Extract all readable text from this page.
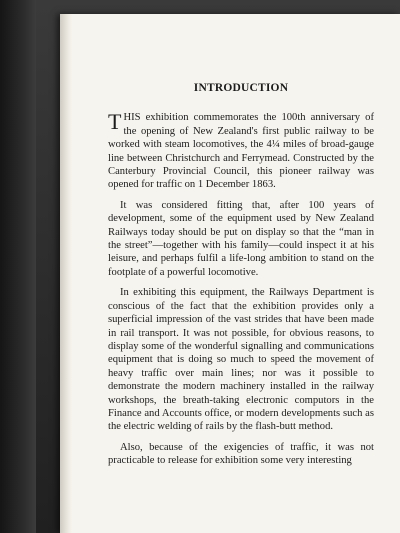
INTRODUCTION

THIS exhibition commemorates the 100th anniversary of the opening of New Zealand's first public railway to be worked with steam locomotives, the 4¼ miles of broad-gauge line between Christchurch and Ferrymead. Constructed by the Canterbury Provincial Council, this pioneer railway was opened for traffic on 1 December 1863.

It was considered fitting that, after 100 years of development, some of the equipment used by New Zealand Railways today should be put on display so that the “man in the street”—together with his family—could inspect it at his leisure, and perhaps fulfil a life-long ambition to stand on the footplate of a powerful locomotive.

In exhibiting this equipment, the Railways Department is conscious of the fact that the exhibition provides only a superficial impression of the vast strides that have been made in rail transport. It was not possible, for obvious reasons, to display some of the wonderful signalling and communications equipment that is doing so much to speed the movement of heavy traffic over main lines; nor was it possible to demonstrate the modern machinery installed in the railway workshops, the breath-taking electronic computors in the Finance and Accounts office, or modern developments such as the electric welding of rails by the flash-butt method.

Also, because of the exigencies of traffic, it was not practicable to release for exhibition some very interesting
